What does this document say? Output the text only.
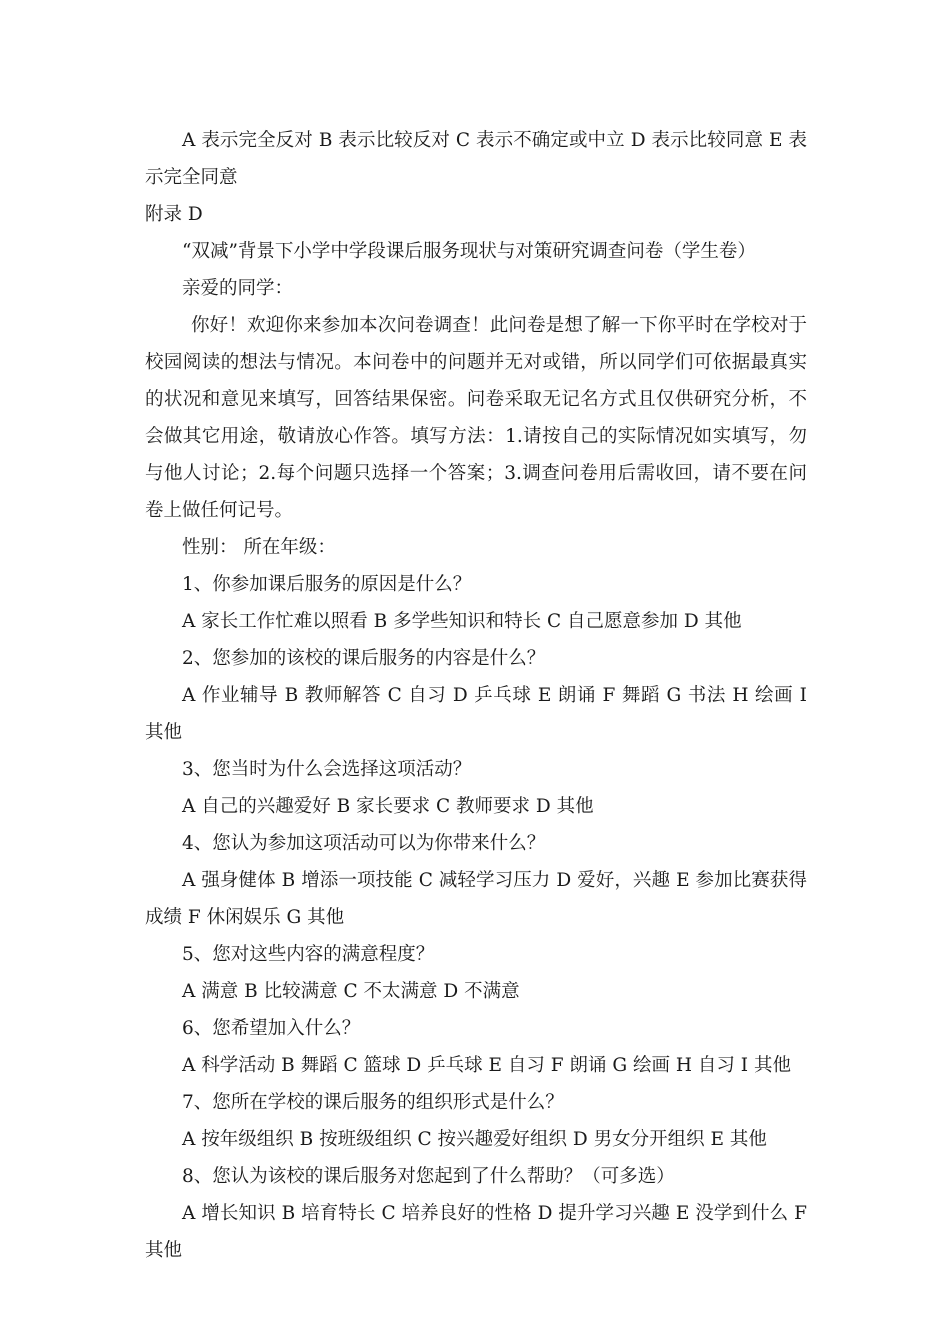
A 表示完全反对 B 表示比较反对 C 表示不确定或中立 D 表示比较同意 E 表示完全同意

附录 D

“双减”背景下小学中学段课后服务现状与对策研究调查问卷（学生卷）

亲爱的同学：

你好！欢迎你来参加本次问卷调查！此问卷是想了解一下你平时在学校对于校园阅读的想法与情况。本问卷中的问题并无对或错，所以同学们可依据最真实的状况和意见来填写，回答结果保密。问卷采取无记名方式且仅供研究分析，不会做其它用途，敬请放心作答。填写方法：1.请按自己的实际情况如实填写，勿与他人讨论；2.每个问题只选择一个答案；3.调查问卷用后需收回，请不要在问卷上做任何记号。

性别： 所在年级：

1、你参加课后服务的原因是什么？

A 家长工作忙难以照看 B 多学些知识和特长 C 自己愿意参加 D 其他

2、您参加的该校的课后服务的内容是什么？

A 作业辅导 B 教师解答 C 自习 D 乒乓球 E 朗诵 F 舞蹈 G 书法 H 绘画 I 其他

3、您当时为什么会选择这项活动？

A 自己的兴趣爱好 B 家长要求 C 教师要求 D 其他

4、您认为参加这项活动可以为你带来什么？

A 强身健体 B 增添一项技能 C 减轻学习压力 D 爱好，兴趣 E 参加比赛获得成绩 F 休闲娱乐 G 其他

5、您对这些内容的满意程度？

A 满意 B 比较满意 C 不太满意 D 不满意

6、您希望加入什么？

A 科学活动 B 舞蹈 C 篮球 D 乒乓球 E 自习 F 朗诵 G 绘画 H 自习 I 其他

7、您所在学校的课后服务的组织形式是什么？

A 按年级组织 B 按班级组织 C 按兴趣爱好组织 D 男女分开组织 E 其他

8、您认为该校的课后服务对您起到了什么帮助？（可多选）

A 增长知识 B 培育特长 C 培养良好的性格 D 提升学习兴趣 E 没学到什么 F 其他
